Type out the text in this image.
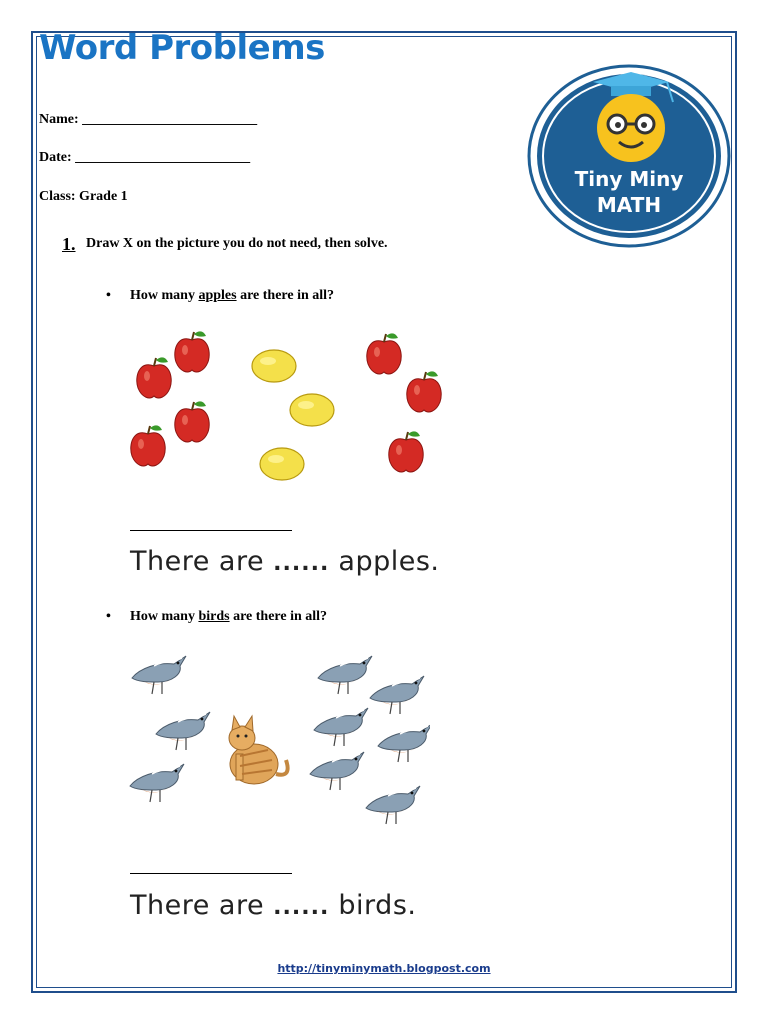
Word Problems
Name: _________________________
Date: _________________________
Class: Grade 1
Tiny Miny
MATH
1. Draw X on the picture you do not need, then solve.
• How many apples are there in all?
There are ...... apples.
• How many birds are there in all?
There are ...... birds.
http://tinyminymath.blogpost.com
